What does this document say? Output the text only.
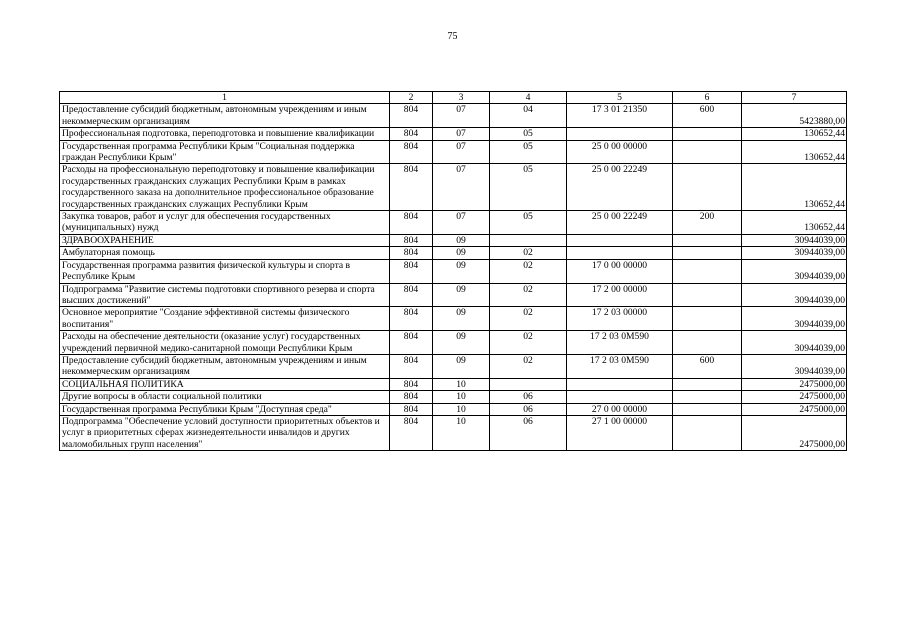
75
1	2	3	4	5	6	7
Предоставление субсидий бюджетным, автономным учреждениям и иным некоммерческим организациям	804	07	04	17 3 01 21350	600	5423880,00
Профессиональная подготовка, переподготовка и повышение квалификации	804	07	05			130652,44
Государственная программа Республики Крым "Социальная поддержка граждан Республики Крым"	804	07	05	25 0 00 00000		130652,44
Расходы на профессиональную переподготовку и повышение квалификации государственных гражданских служащих Республики Крым в рамках государственного заказа на дополнительное профессиональное образование государственных гражданских служащих Республики Крым	804	07	05	25 0 00 22249		130652,44
Закупка товаров, работ и услуг для обеспечения государственных (муниципальных) нужд	804	07	05	25 0 00 22249	200	130652,44
ЗДРАВООХРАНЕНИЕ	804	09				30944039,00
Амбулаторная помощь	804	09	02			30944039,00
Государственная программа развития физической культуры и спорта в Республике Крым	804	09	02	17 0 00 00000		30944039,00
Подпрограмма "Развитие системы подготовки спортивного резерва и спорта высших достижений"	804	09	02	17 2 00 00000		30944039,00
Основное мероприятие "Создание эффективной системы физического воспитания"	804	09	02	17 2 03 00000		30944039,00
Расходы на обеспечение деятельности (оказание услуг) государственных учреждений первичной медико-санитарной помощи Республики Крым	804	09	02	17 2 03 0М590		30944039,00
Предоставление субсидий бюджетным, автономным учреждениям и иным некоммерческим организациям	804	09	02	17 2 03 0М590	600	30944039,00
СОЦИАЛЬНАЯ ПОЛИТИКА	804	10				2475000,00
Другие вопросы в области социальной политики	804	10	06			2475000,00
Государственная программа Республики Крым "Доступная среда"	804	10	06	27 0 00 00000		2475000,00
Подпрограмма "Обеспечение условий доступности приоритетных объектов и услуг в приоритетных сферах жизнедеятельности инвалидов и других маломобильных групп населения"	804	10	06	27 1 00 00000		2475000,00
